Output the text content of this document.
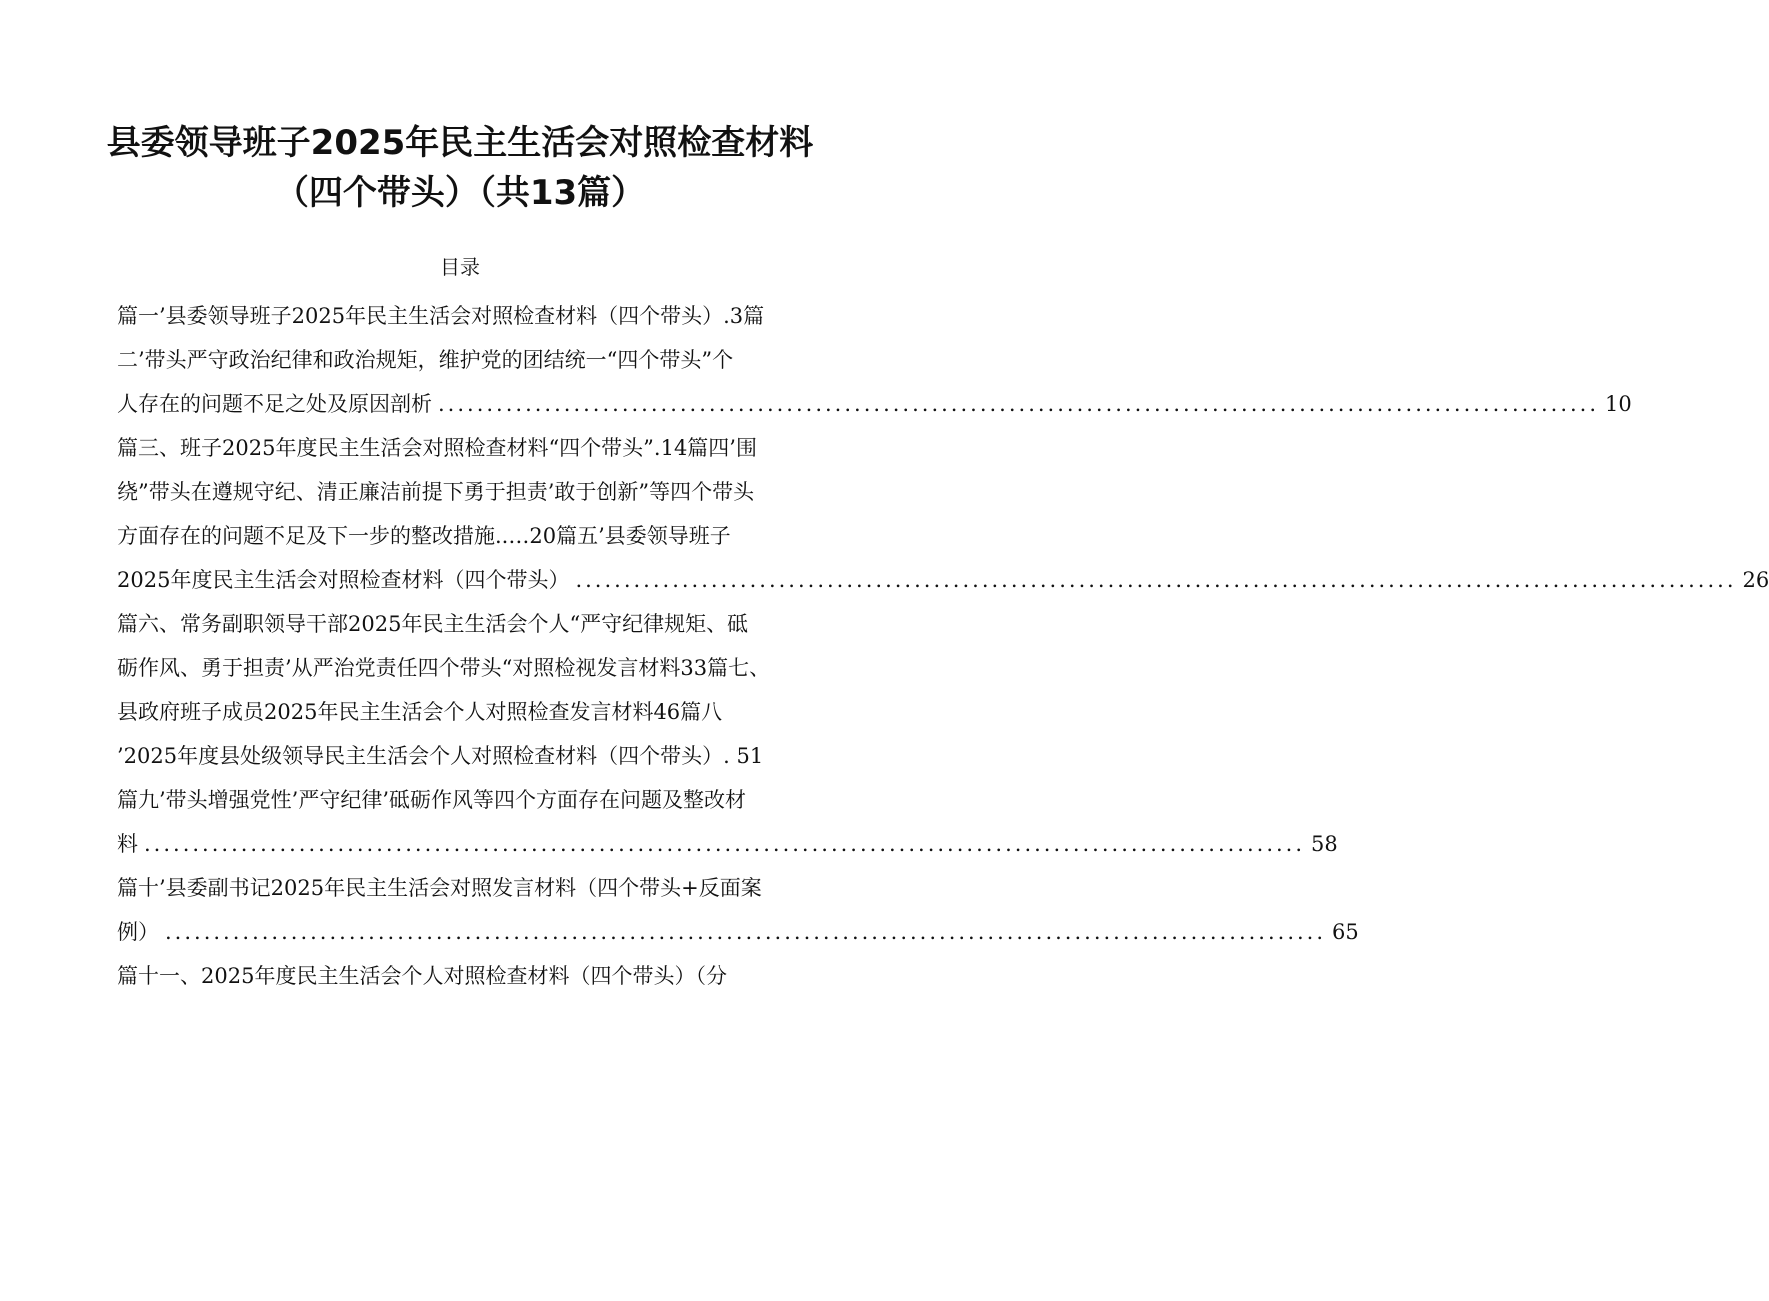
县委领导班子2025年民主生活会对照检查材料
（四个带头）（共13篇）
目录
篇一’县委领导班子2025年民主生活会对照检查材料（四个带头）.3篇
二’带头严守政治纪律和政治规矩，维护党的团结统一“四个带头”个
人存在的问题不足之处及原因剖析 ........................................................................................................................ 10
篇三、班子2025年度民主生活会对照检查材料“四个带头”.14篇四’围
绕”带头在遵规守纪、清正廉洁前提下勇于担责’敢于创新”等四个带头
方面存在的问题不足及下一步的整改措施..…20篇五’县委领导班子
2025年度民主生活会对照检查材料（四个带头） ........................................................................................................................ 26
篇六、常务副职领导干部2025年民主生活会个人“严守纪律规矩、砥
砺作风、勇于担责’从严治党责任四个带头“对照检视发言材料33篇七、
县政府班子成员2025年民主生活会个人对照检查发言材料46篇八
’2025年度县处级领导民主生活会个人对照检查材料（四个带头）. 51
篇九’带头增强党性’严守纪律’砥砺作风等四个方面存在问题及整改材
料 ........................................................................................................................ 58
篇十’县委副书记2025年民主生活会对照发言材料（四个带头+反面案
例） ........................................................................................................................ 65
篇十一、2025年度民主生活会个人对照检查材料（四个带头）（分
